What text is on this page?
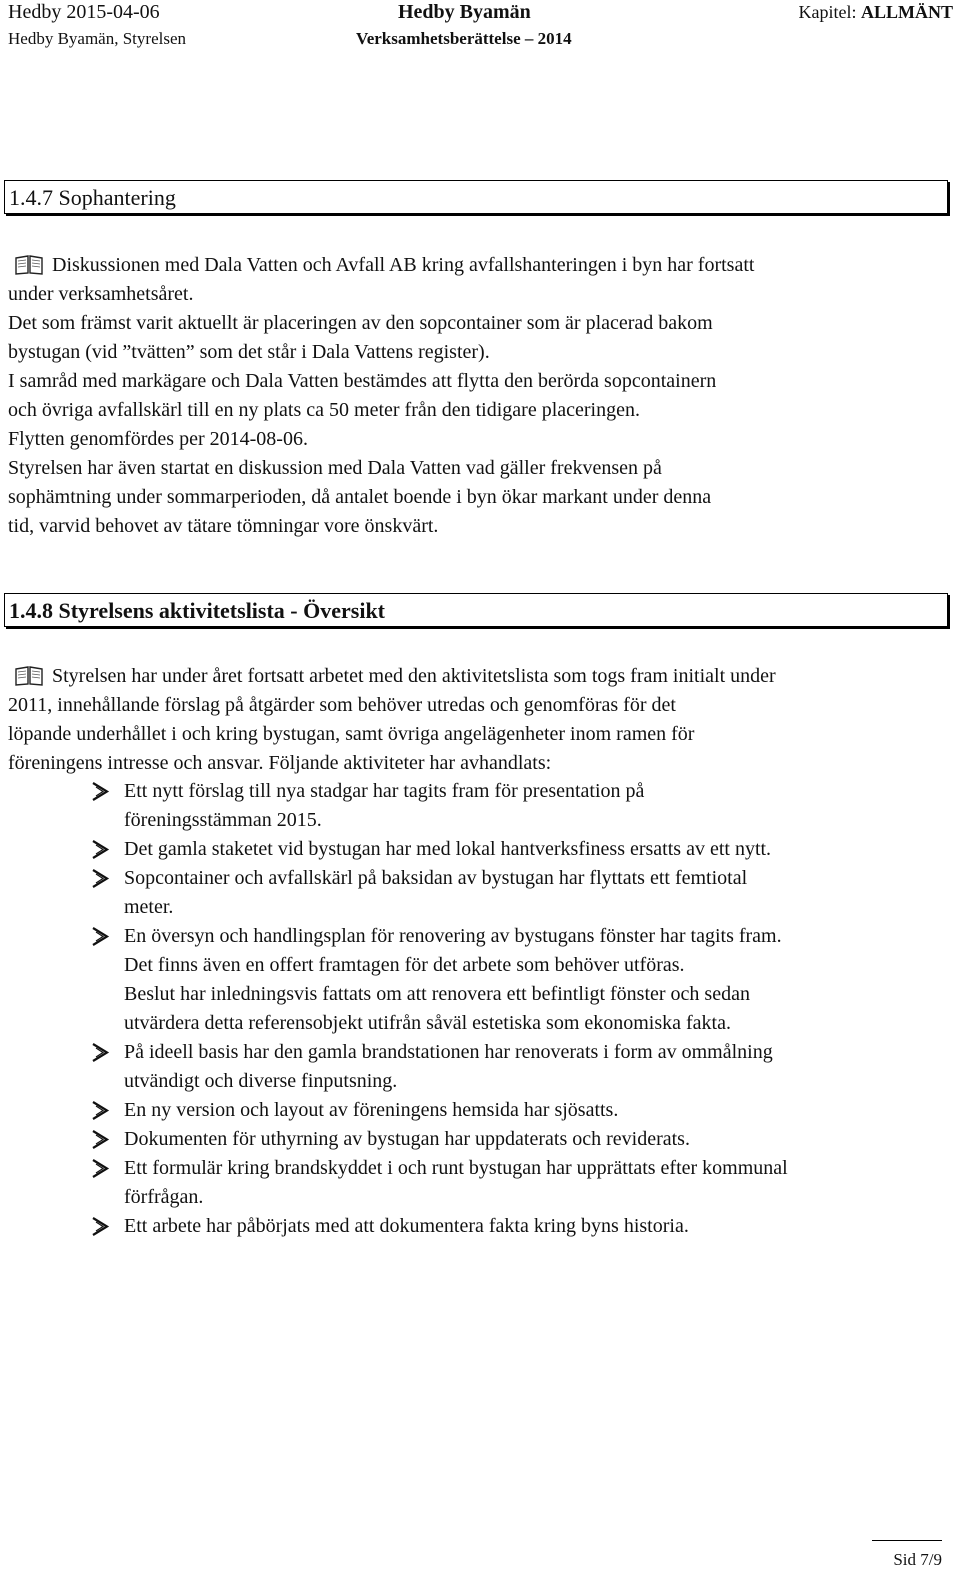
Hedby 2015-04-06	Hedby Byamän	Kapitel: ALLMÄNT
Hedby Byamän, Styrelsen	Verksamhetsberättelse – 2014
1.4.7 Sophantering
Diskussionen med Dala Vatten och Avfall AB kring avfallshanteringen i byn har fortsatt
under verksamhetsåret.
Det som främst varit aktuellt är placeringen av den sopcontainer som är placerad bakom
bystugan (vid ”tvätten” som det står i Dala Vattens register).
I samråd med markägare och Dala Vatten bestämdes att flytta den berörda sopcontainern
och övriga avfallskärl till en ny plats ca 50 meter från den tidigare placeringen.
Flytten genomfördes per 2014-08-06.
Styrelsen har även startat en diskussion med Dala Vatten vad gäller frekvensen på
sophämtning under sommarperioden, då antalet boende i byn ökar markant under denna
tid, varvid behovet av tätare tömningar vore önskvärt.
1.4.8 Styrelsens aktivitetslista - Översikt
Styrelsen har under året fortsatt arbetet med den aktivitetslista som togs fram initialt under
2011, innehållande förslag på åtgärder som behöver utredas och genomföras för det
löpande underhållet i och kring bystugan, samt övriga angelägenheter inom ramen för
föreningens intresse och ansvar. Följande aktiviteter har avhandlats:
Ett nytt förslag till nya stadgar har tagits fram för presentation på
föreningsstämman 2015.
Det gamla staketet vid bystugan har med lokal hantverksfiness ersatts av ett nytt.
Sopcontainer och avfallskärl på baksidan av bystugan har flyttats ett femtiotal
meter.
En översyn och handlingsplan för renovering av bystugans fönster har tagits fram.
Det finns även en offert framtagen för det arbete som behöver utföras.
Beslut har inledningsvis fattats om att renovera ett befintligt fönster och sedan
utvärdera detta referensobjekt utifrån såväl estetiska som ekonomiska fakta.
På ideell basis har den gamla brandstationen har renoverats i form av ommålning
utvändigt och diverse finputsning.
En ny version och layout av föreningens hemsida har sjösatts.
Dokumenten för uthyrning av bystugan har uppdaterats och reviderats.
Ett formulär kring brandskyddet i och runt bystugan har upprättats efter kommunal
förfrågan.
Ett arbete har påbörjats med att dokumentera fakta kring byns historia.
Sid 7/9
